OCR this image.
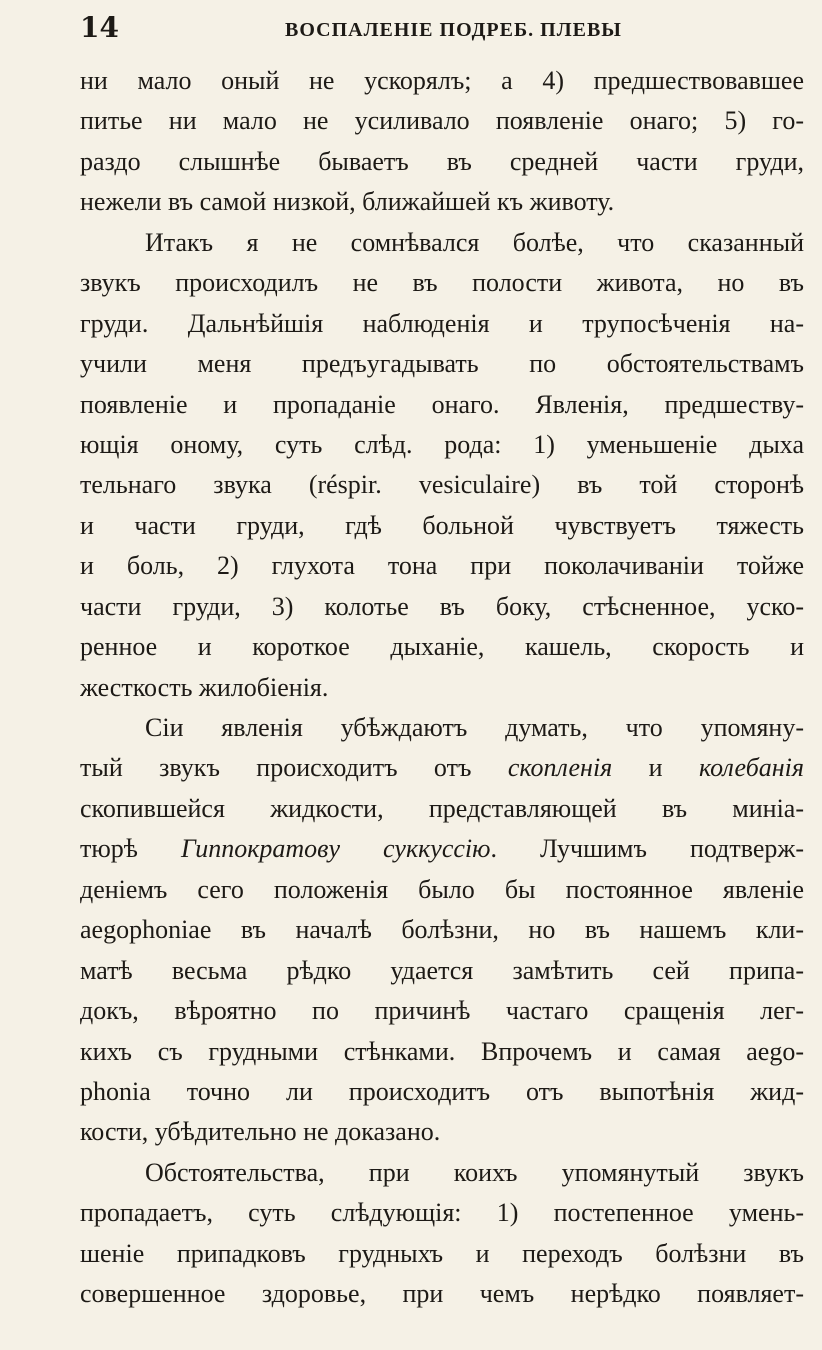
14	ВОСПАЛЕНІЕ ПОДРЕБ. ПЛЕВЫ
ни мало оный не ускорялъ; а 4) предшествовавшее
питье ни мало не усиливало появленіе онаго; 5) го-
раздо слышнѣе бываетъ въ средней части груди,
нежели въ самой низкой, ближайшей къ животу.
Итакъ я не сомнѣвался болѣе, что сказанный
звукъ происходилъ не въ полости живота, но въ
груди. Дальнѣйшія наблюденія и трупосѣченія на-
учили меня предъугадывать по обстоятельствамъ
появленіе и пропаданіе онаго. Явленія, предшеству-
ющія оному, суть слѣд. рода: 1) уменьшеніе дыха
тельнаго звука (réspir. vesiculaire) въ той сторонѣ
и части груди, гдѣ больной чувствуетъ тяжесть
и боль, 2) глухота тона при поколачиваніи тойже
части груди, 3) колотье въ боку, стѣсненное, уско-
ренное и короткое дыханіе, кашель, скорость и
жесткость жилобіенія.
Сіи явленія убѣждаютъ думать, что упомяну-
тый звукъ происходитъ отъ скопленія и колебанія
скопившейся жидкости, представляющей въ миніа-
тюрѣ Гиппократову суккуссію. Лучшимъ подтверж-
деніемъ сего положенія было бы постоянное явленіе
aegophoniae въ началѣ болѣзни, но въ нашемъ кли-
матѣ весьма рѣдко удается замѣтить сей припа-
докъ, вѣроятно по причинѣ частаго сращенія лег-
кихъ съ грудными стѣнками. Впрочемъ и самая aego-
phonia точно ли происходитъ отъ выпотѣнія жид-
кости, убѣдительно не доказано.
Обстоятельства, при коихъ упомянутый звукъ
пропадаетъ, суть слѣдующія: 1) постепенное умень-
шеніе припадковъ грудныхъ и переходъ болѣзни въ
совершенное здоровье, при чемъ нерѣдко появляет-
